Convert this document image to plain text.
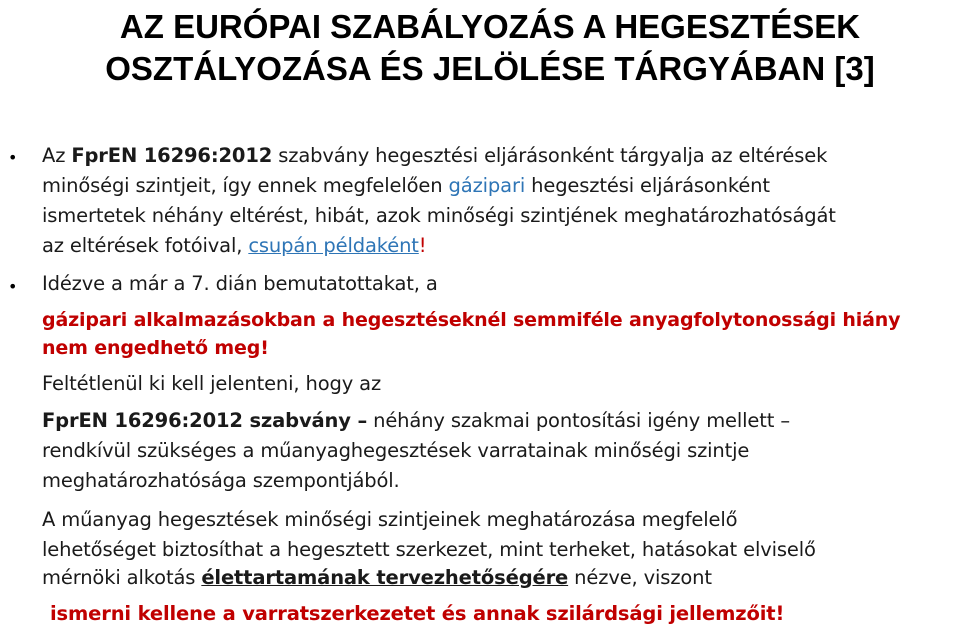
AZ EURÓPAI SZABÁLYOZÁS A HEGESZTÉSEK
OSZTÁLYOZÁSA ÉS JELÖLÉSE TÁRGYÁBAN [3]
• Az FprEN 16296:2012 szabvány hegesztési eljárásonként tárgyalja az eltérések
minőségi szintjeit, így ennek megfelelően gázipari hegesztési eljárásonként
ismertetek néhány eltérést, hibát, azok minőségi szintjének meghatározhatóságát
az eltérések fotóival, csupán példaként!
• Idézve a már a 7. dián bemutatottakat, a
gázipari alkalmazásokban a hegesztéseknél semmiféle anyagfolytonossági hiány
nem engedhető meg!
Feltétlenül ki kell jelenteni, hogy az
FprEN 16296:2012 szabvány – néhány szakmai pontosítási igény mellett –
rendkívül szükséges a műanyaghegesztések varratainak minőségi szintje
meghatározhatósága szempontjából.
A műanyag hegesztések minőségi szintjeinek meghatározása megfelelő
lehetőséget biztosíthat a hegesztett szerkezet, mint terheket, hatásokat elviselő
mérnöki alkotás élettartamának tervezhetőségére nézve, viszont
ismerni kellene a varratszerkezetet és annak szilárdsági jellemzőit!
